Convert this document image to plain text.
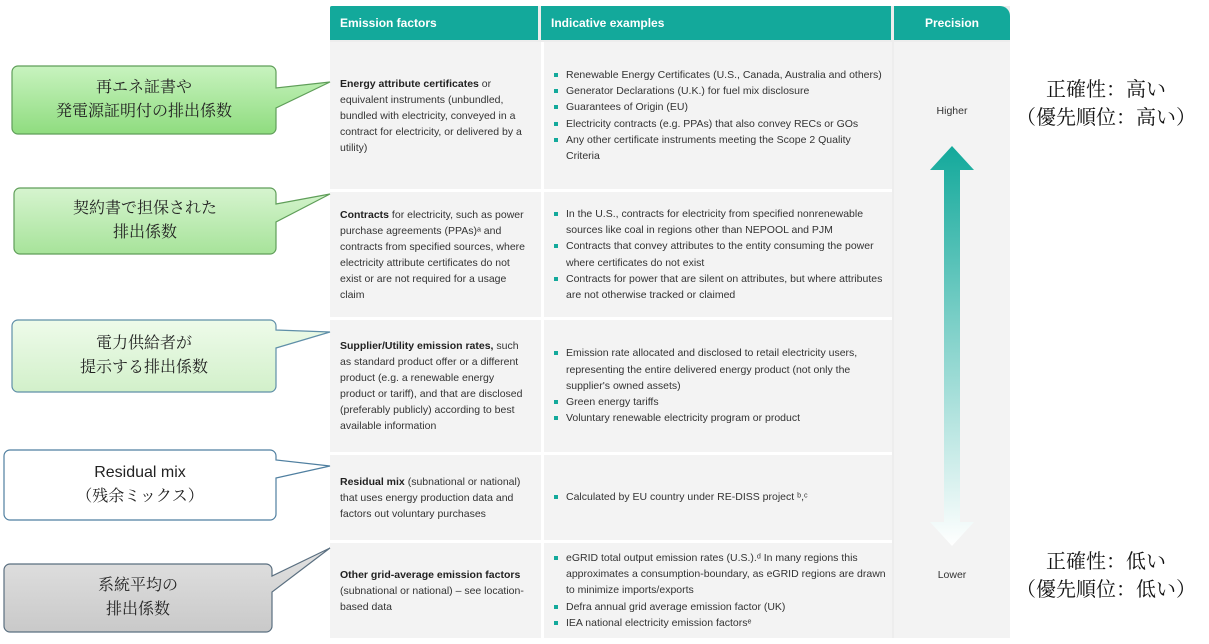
Emission factors	Indicative examples	Precision

Energy attribute certificates or equivalent instruments (unbundled, bundled with electricity, conveyed in a contract for electricity, or delivered by a utility)

Renewable Energy Certificates (U.S., Canada, Australia and others)
Generator Declarations (U.K.) for fuel mix disclosure
Guarantees of Origin (EU)
Electricity contracts (e.g. PPAs) that also convey RECs or GOs
Any other certificate instruments meeting the Scope 2 Quality Criteria

Contracts for electricity, such as power purchase agreements (PPAs)ᵃ and contracts from specified sources, where electricity attribute certificates do not exist or are not required for a usage claim

In the U.S., contracts for electricity from specified nonrenewable sources like coal in regions other than NEPOOL and PJM
Contracts that convey attributes to the entity consuming the power where certificates do not exist
Contracts for power that are silent on attributes, but where attributes are not otherwise tracked or claimed

Supplier/Utility emission rates, such as standard product offer or a different product (e.g. a renewable energy product or tariff), and that are disclosed (preferably publicly) according to best available information

Emission rate allocated and disclosed to retail electricity users, representing the entire delivered energy product (not only the supplier's owned assets)
Green energy tariffs
Voluntary renewable electricity program or product

Residual mix (subnational or national) that uses energy production data and factors out voluntary purchases

Calculated by EU country under RE-DISS project ᵇ,ᶜ

Other grid-average emission factors (subnational or national) – see location-based data

eGRID total output emission rates (U.S.).ᵈ In many regions this approximates a consumption-boundary, as eGRID regions are drawn to minimize imports/exports
Defra annual grid average emission factor (UK)
IEA national electricity emission factorsᵉ
Higher
Lower
再エネ証書や
発電源証明付の排出係数
契約書で担保された
排出係数
電力供給者が
提示する排出係数
Residual mix
（残余ミックス）
系統平均の
排出係数
正確性：高い
（優先順位：高い）
正確性：低い
（優先順位：低い）
